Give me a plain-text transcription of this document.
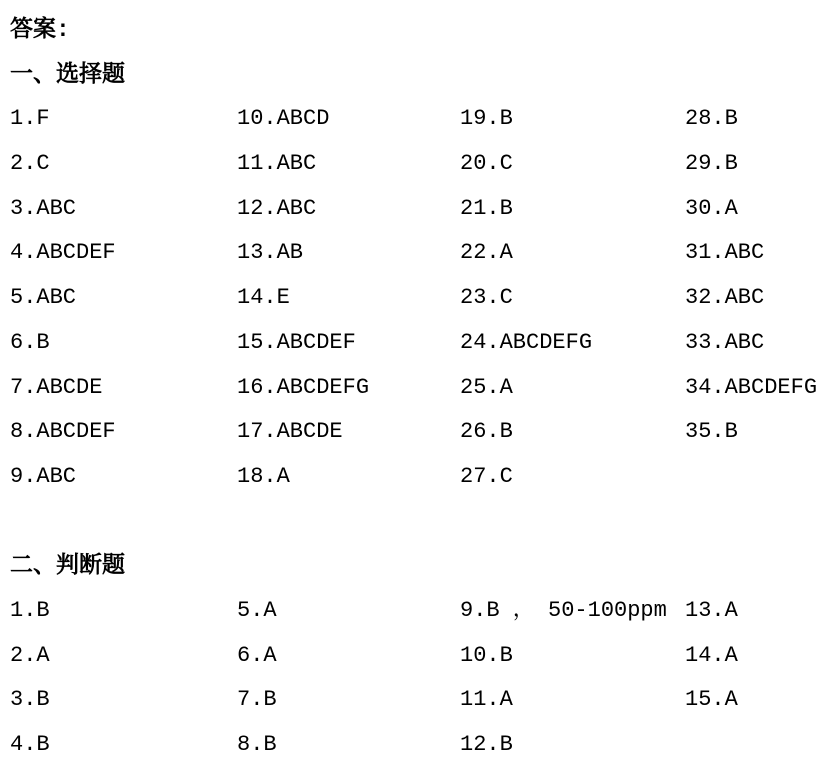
答案:
一、选择题
1.F
2.C
3.ABC
4.ABCDEF
5.ABC
6.B
7.ABCDE
8.ABCDEF
9.ABC
10.ABCD
11.ABC
12.ABC
13.AB
14.E
15.ABCDEF
16.ABCDEFG
17.ABCDE
18.A
19.B
20.C
21.B
22.A
23.C
24.ABCDEFG
25.A
26.B
27.C
28.B
29.B
30.A
31.ABC
32.ABC
33.ABC
34.ABCDEFG
35.B
二、判断题
1.B
2.A
3.B
4.B
5.A
6.A
7.B
8.B
9.B ， 50-100ppm
10.B
11.A
12.B
13.A
14.A
15.A
